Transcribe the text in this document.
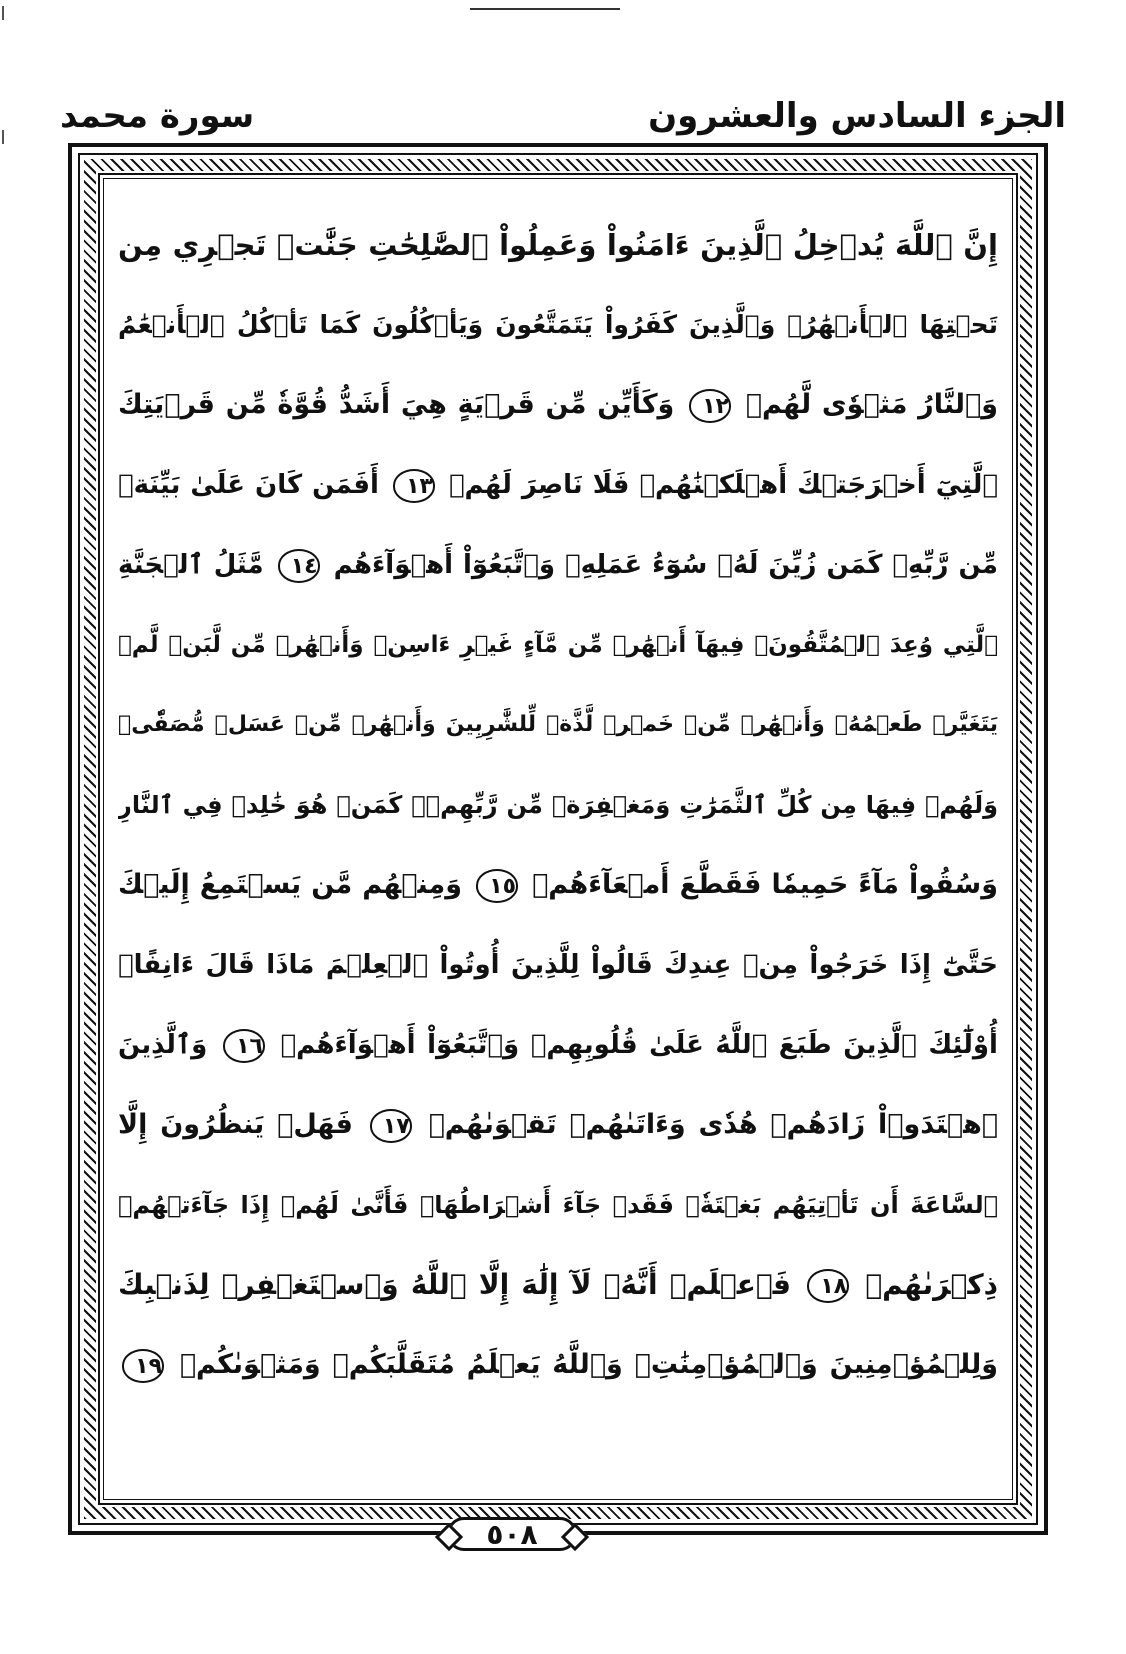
الجزء السادس والعشرون
سورة محمد
إِنَّ ٱللَّهَ يُدۡخِلُ ٱلَّذِينَ ءَامَنُواْ وَعَمِلُواْ ٱلصَّٰلِحَٰتِ جَنَّٰتٖ تَجۡرِي مِن
تَحۡتِهَا ٱلۡأَنۡهَٰرُۖ وَٱلَّذِينَ كَفَرُواْ يَتَمَتَّعُونَ وَيَأۡكُلُونَ كَمَا تَأۡكُلُ ٱلۡأَنۡعَٰمُ
وَٱلنَّارُ مَثۡوٗى لَّهُمۡ ١٢ وَكَأَيِّن مِّن قَرۡيَةٍ هِيَ أَشَدُّ قُوَّةٗ مِّن قَرۡيَتِكَ
ٱلَّتِيٓ أَخۡرَجَتۡكَ أَهۡلَكۡنَٰهُمۡ فَلَا نَاصِرَ لَهُمۡ ١٣ أَفَمَن كَانَ عَلَىٰ بَيِّنَةٖ
مِّن رَّبِّهِۦ كَمَن زُيِّنَ لَهُۥ سُوٓءُ عَمَلِهِۦ وَٱتَّبَعُوٓاْ أَهۡوَآءَهُم ١٤ مَّثَلُ ٱلۡجَنَّةِ
ٱلَّتِي وُعِدَ ٱلۡمُتَّقُونَۖ فِيهَآ أَنۡهَٰرٞ مِّن مَّآءٍ غَيۡرِ ءَاسِنٖ وَأَنۡهَٰرٞ مِّن لَّبَنٖ لَّمۡ
يَتَغَيَّرۡ طَعۡمُهُۥ وَأَنۡهَٰرٞ مِّنۡ خَمۡرٖ لَّذَّةٖ لِّلشَّٰرِبِينَ وَأَنۡهَٰرٞ مِّنۡ عَسَلٖ مُّصَفّٗىۖ
وَلَهُمۡ فِيهَا مِن كُلِّ ٱلثَّمَرَٰتِ وَمَغۡفِرَةٞ مِّن رَّبِّهِمۡۖ كَمَنۡ هُوَ خَٰلِدٞ فِي ٱلنَّارِ
وَسُقُواْ مَآءً حَمِيمٗا فَقَطَّعَ أَمۡعَآءَهُمۡ ١٥ وَمِنۡهُم مَّن يَسۡتَمِعُ إِلَيۡكَ
حَتَّىٰٓ إِذَا خَرَجُواْ مِنۡ عِندِكَ قَالُواْ لِلَّذِينَ أُوتُواْ ٱلۡعِلۡمَ مَاذَا قَالَ ءَانِفًاۚ
أُوْلَٰٓئِكَ ٱلَّذِينَ طَبَعَ ٱللَّهُ عَلَىٰ قُلُوبِهِمۡ وَٱتَّبَعُوٓاْ أَهۡوَآءَهُمۡ ١٦ وَٱلَّذِينَ
ٱهۡتَدَوۡاْ زَادَهُمۡ هُدٗى وَءَاتَىٰهُمۡ تَقۡوَىٰهُمۡ ١٧ فَهَلۡ يَنظُرُونَ إِلَّا
ٱلسَّاعَةَ أَن تَأۡتِيَهُم بَغۡتَةٗۖ فَقَدۡ جَآءَ أَشۡرَاطُهَاۚ فَأَنَّىٰ لَهُمۡ إِذَا جَآءَتۡهُمۡ
ذِكۡرَىٰهُمۡ ١٨ فَٱعۡلَمۡ أَنَّهُۥ لَآ إِلَٰهَ إِلَّا ٱللَّهُ وَٱسۡتَغۡفِرۡ لِذَنۢبِكَ
وَلِلۡمُؤۡمِنِينَ وَٱلۡمُؤۡمِنَٰتِۗ وَٱللَّهُ يَعۡلَمُ مُتَقَلَّبَكُمۡ وَمَثۡوَىٰكُمۡ ١٩
٥٠٨
